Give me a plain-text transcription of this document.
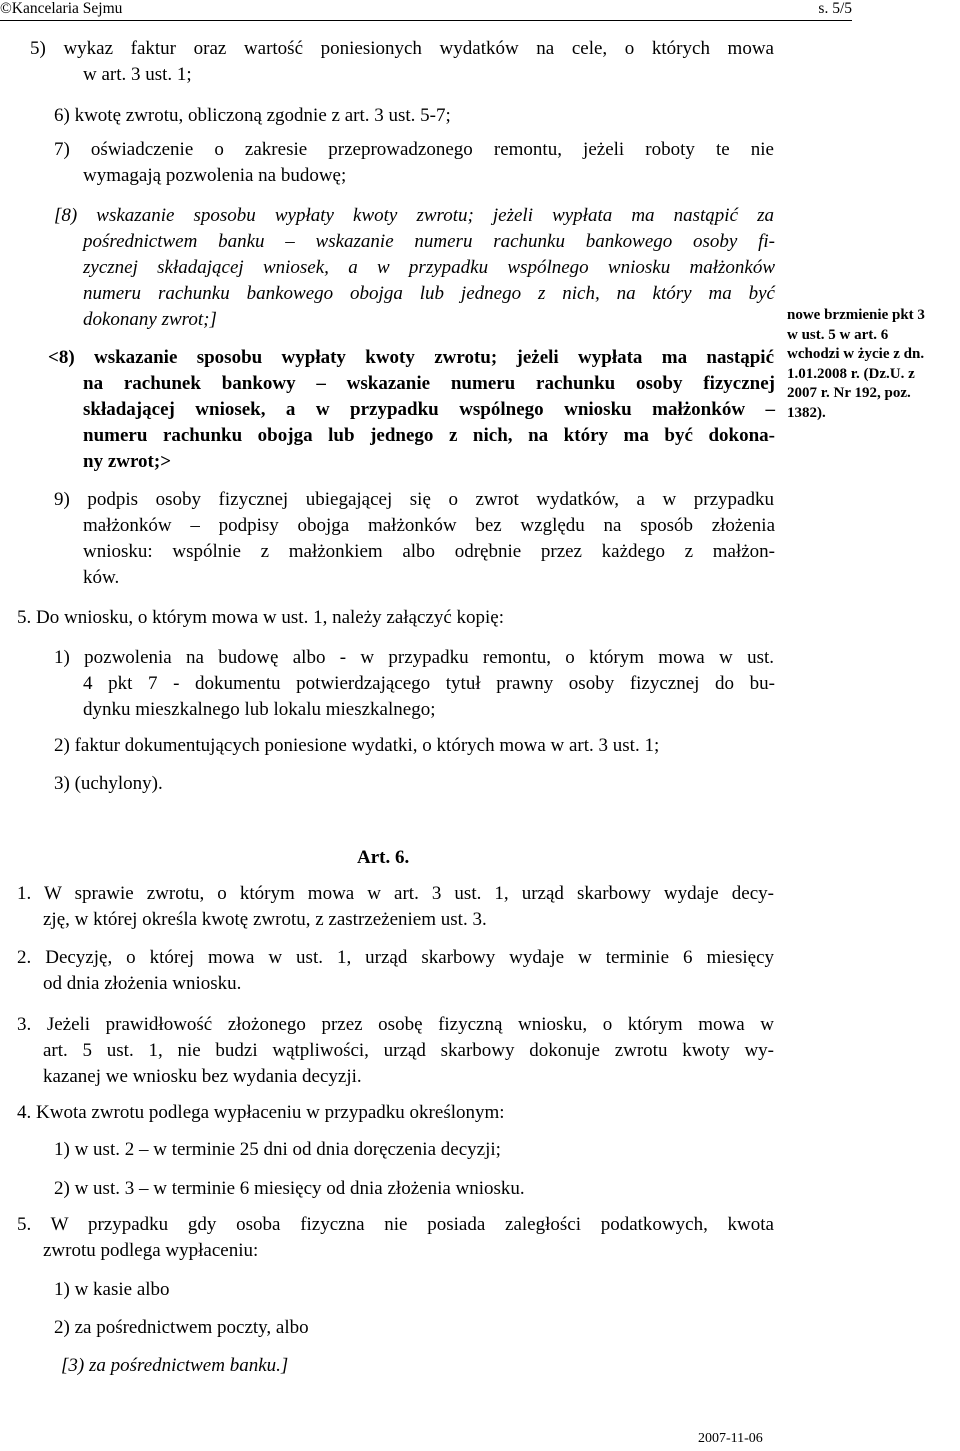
©Kancelaria Sejmu	s. 5/5
5) wykaz faktur oraz wartość poniesionych wydatków na cele, o których mowa
w art. 3 ust. 1;
6) kwotę zwrotu, obliczoną zgodnie z art. 3 ust. 5-7;
7) oświadczenie o zakresie przeprowadzonego remontu, jeżeli roboty te nie
wymagają pozwolenia na budowę;
[8) wskazanie sposobu wypłaty kwoty zwrotu; jeżeli wypłata ma nastąpić za
pośrednictwem banku – wskazanie numeru rachunku bankowego osoby fi-
zycznej składającej wniosek, a w przypadku wspólnego wniosku małżonków
numeru rachunku bankowego obojga lub jednego z nich, na który ma być
dokonany zwrot;]
<8) wskazanie sposobu wypłaty kwoty zwrotu; jeżeli wypłata ma nastąpić
na rachunek bankowy – wskazanie numeru rachunku osoby fizycznej
składającej wniosek, a w przypadku wspólnego wniosku małżonków –
numeru rachunku obojga lub jednego z nich, na który ma być dokona-
ny zwrot;>
9) podpis osoby fizycznej ubiegającej się o zwrot wydatków, a w przypadku
małżonków – podpisy obojga małżonków bez względu na sposób złożenia
wniosku: wspólnie z małżonkiem albo odrębnie przez każdego z małżon-
ków.
5. Do wniosku, o którym mowa w ust. 1, należy załączyć kopię:
1) pozwolenia na budowę albo - w przypadku remontu, o którym mowa w ust.
4 pkt 7 - dokumentu potwierdzającego tytuł prawny osoby fizycznej do bu-
dynku mieszkalnego lub lokalu mieszkalnego;
2) faktur dokumentujących poniesione wydatki, o których mowa w art. 3 ust. 1;
3) (uchylony).
Art. 6.
1. W sprawie zwrotu, o którym mowa w art. 3 ust. 1, urząd skarbowy wydaje decy-
zję, w której określa kwotę zwrotu, z zastrzeżeniem ust. 3.
2. Decyzję, o której mowa w ust. 1, urząd skarbowy wydaje w terminie 6 miesięcy
od dnia złożenia wniosku.
3. Jeżeli prawidłowość złożonego przez osobę fizyczną wniosku, o którym mowa w
art. 5 ust. 1, nie budzi wątpliwości, urząd skarbowy dokonuje zwrotu kwoty wy-
kazanej we wniosku bez wydania decyzji.
4. Kwota zwrotu podlega wypłaceniu w przypadku określonym:
1) w ust. 2 – w terminie 25 dni od dnia doręczenia decyzji;
2) w ust. 3 – w terminie 6 miesięcy od dnia złożenia wniosku.
5. W przypadku gdy osoba fizyczna nie posiada zaległości podatkowych, kwota
zwrotu podlega wypłaceniu:
1) w kasie albo
2) za pośrednictwem poczty, albo
[3) za pośrednictwem banku.]
nowe brzmienie pkt 3
w ust. 5 w art. 6
wchodzi w życie z dn.
1.01.2008 r. (Dz.U. z
2007 r. Nr 192, poz.
1382).
2007-11-06
